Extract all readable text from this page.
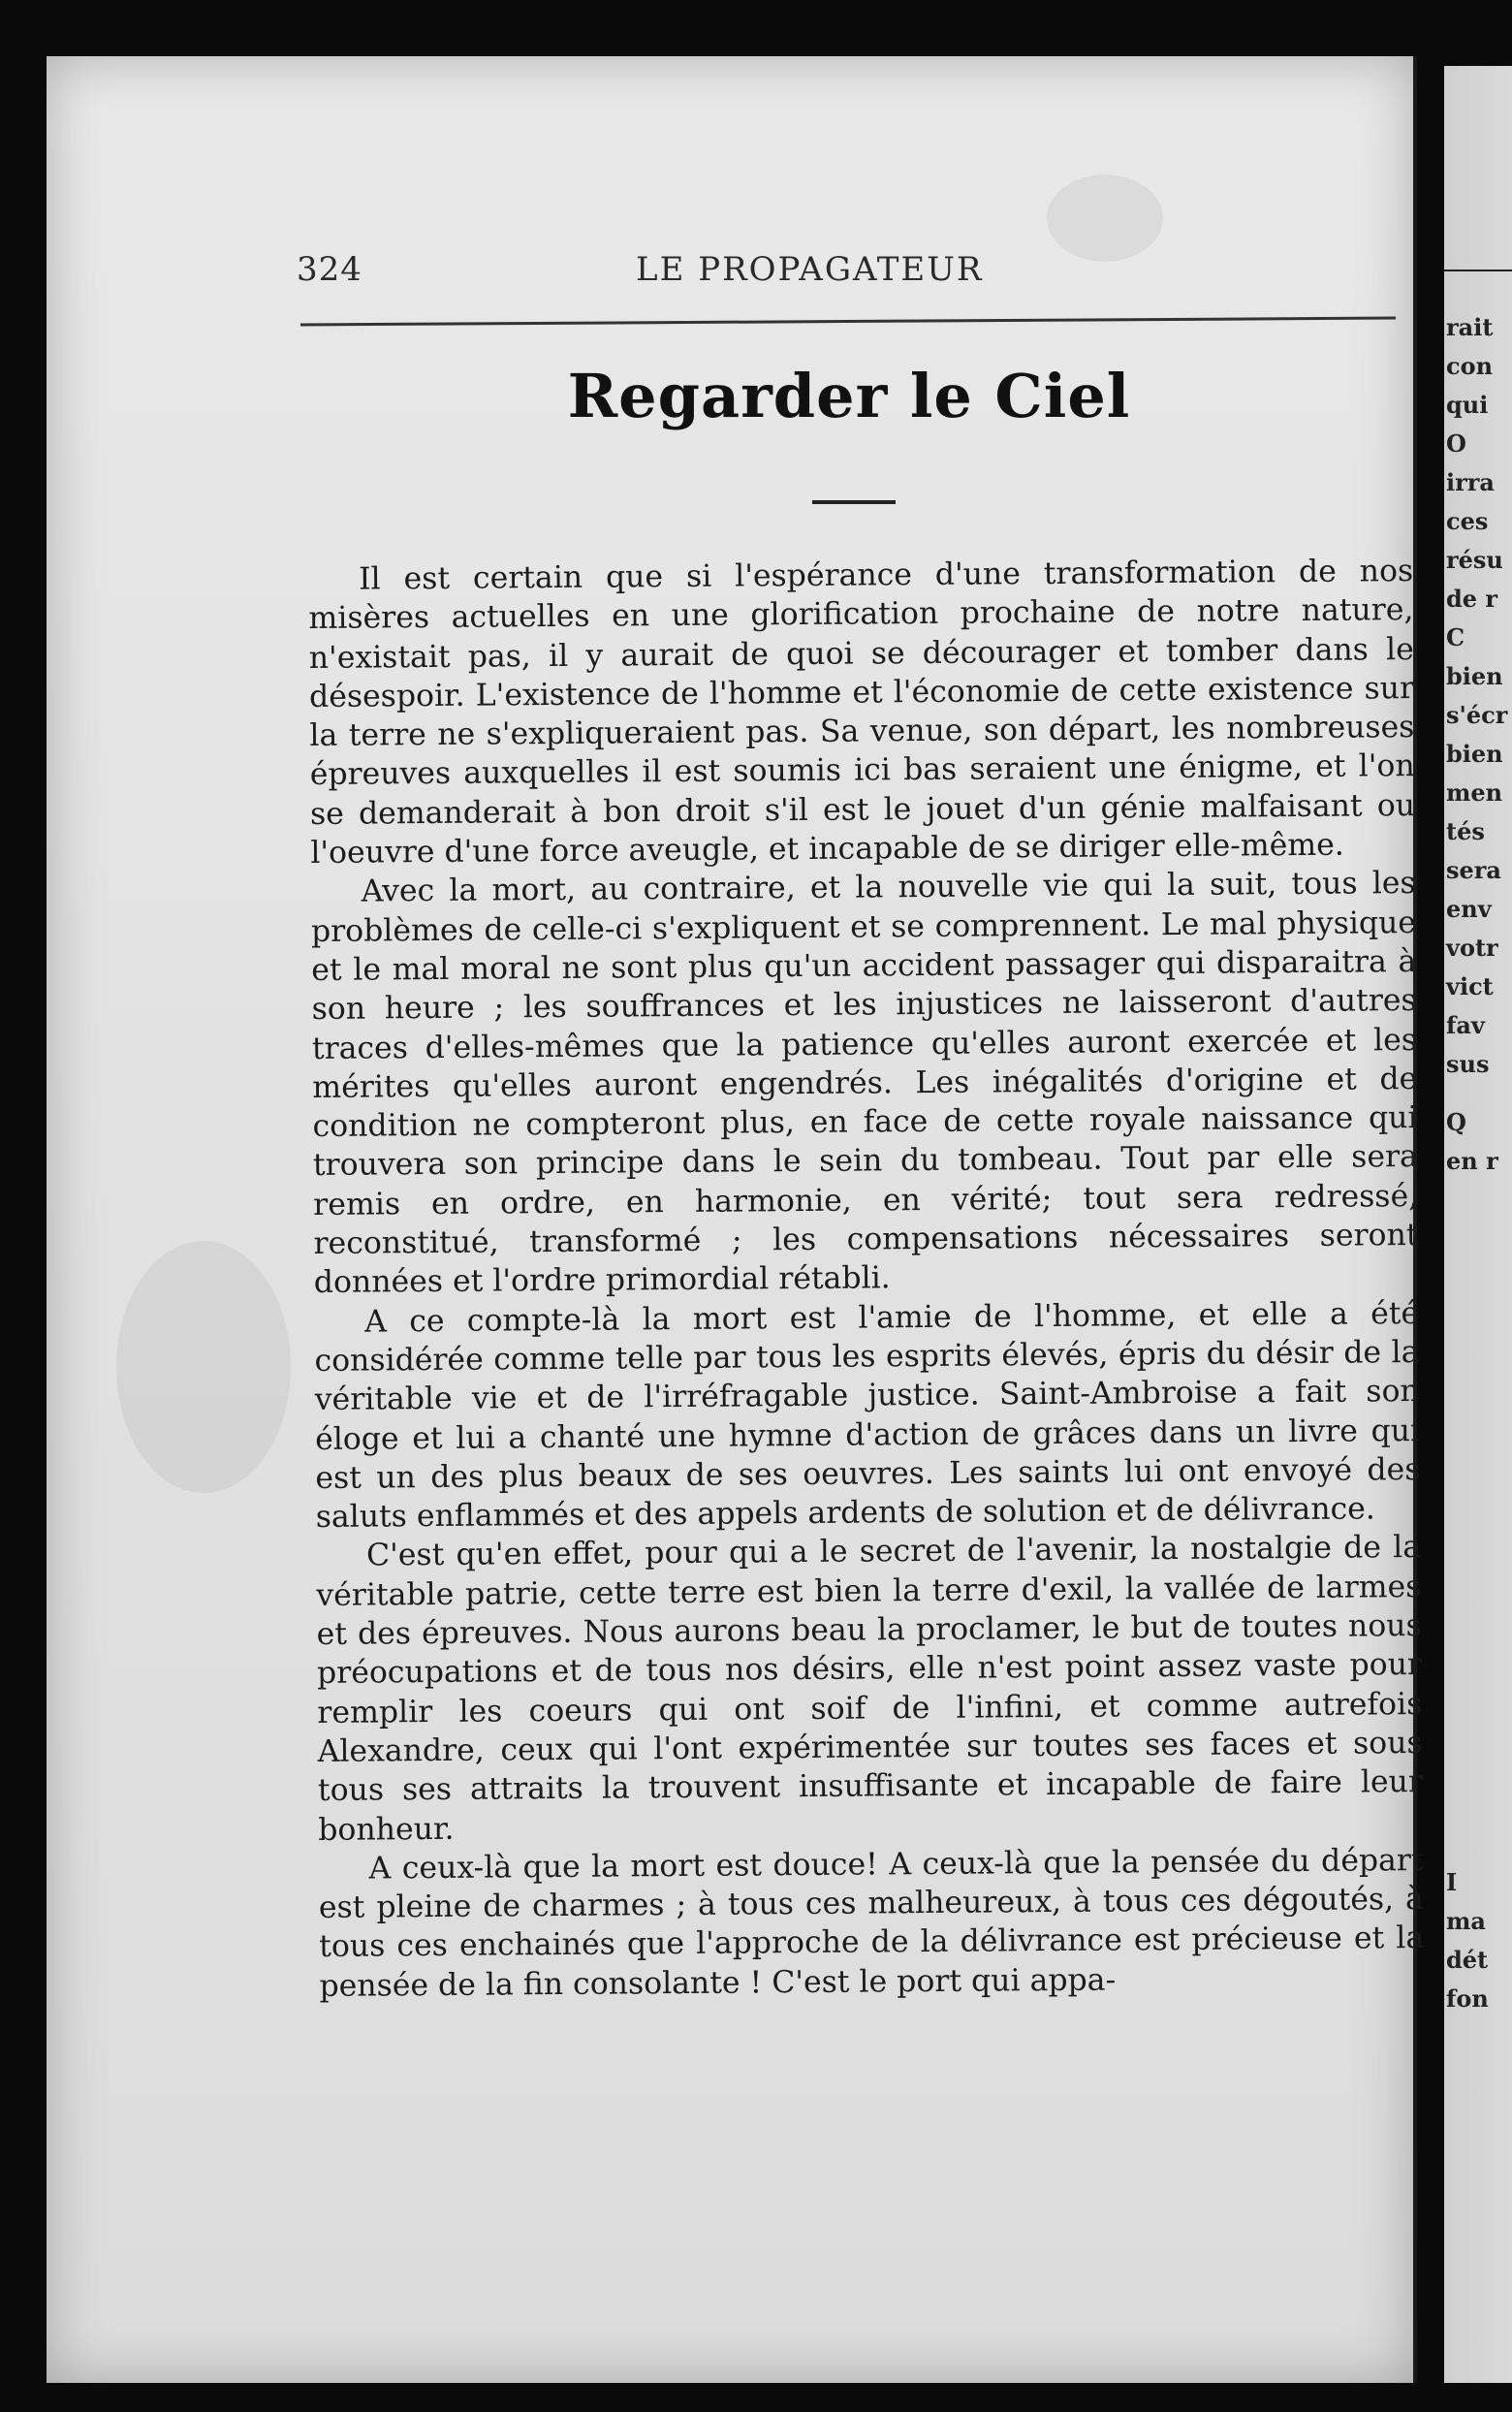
rait
con
qui
O
irra
ces
résu
de r
C
bien
s'écr
bien
men
tés
sera
env
votr
vict
fav
sus
Q
en r
I
ma
dét
fon
324	LE PROPAGATEUR
Regarder le Ciel

Il est certain que si l'espérance d'une transformation de nos misères actuelles en une glorification prochaine de notre nature, n'existait pas, il y aurait de quoi se décourager et tomber dans le désespoir. L'existence de l'homme et l'économie de cette existence sur la terre ne s'expliqueraient pas. Sa venue, son départ, les nombreuses épreuves auxquelles il est soumis ici bas seraient une énigme, et l'on se demanderait à bon droit s'il est le jouet d'un génie malfaisant ou l'oeuvre d'une force aveugle, et incapable de se diriger elle-même.

Avec la mort, au contraire, et la nouvelle vie qui la suit, tous les problèmes de celle-ci s'expliquent et se comprennent. Le mal physique et le mal moral ne sont plus qu'un accident passager qui disparaitra à son heure ; les souffrances et les injustices ne laisseront d'autres traces d'elles-mêmes que la patience qu'elles auront exercée et les mérites qu'elles auront engendrés. Les inégalités d'origine et de condition ne compteront plus, en face de cette royale naissance qui trouvera son principe dans le sein du tombeau. Tout par elle sera remis en ordre, en harmonie, en vérité; tout sera redressé, reconstitué, transformé ; les compensations nécessaires seront données et l'ordre primordial rétabli.

A ce compte-là la mort est l'amie de l'homme, et elle a été considérée comme telle par tous les esprits élevés, épris du désir de la véritable vie et de l'irréfragable justice. Saint-Ambroise a fait son éloge et lui a chanté une hymne d'action de grâces dans un livre qui est un des plus beaux de ses oeuvres. Les saints lui ont envoyé des saluts enflammés et des appels ardents de solution et de délivrance.

C'est qu'en effet, pour qui a le secret de l'avenir, la nostalgie de la véritable patrie, cette terre est bien la terre d'exil, la vallée de larmes et des épreuves. Nous aurons beau la proclamer, le but de toutes nous préocupations et de tous nos désirs, elle n'est point assez vaste pour remplir les coeurs qui ont soif de l'infini, et comme autrefois Alexandre, ceux qui l'ont expérimentée sur toutes ses faces et sous tous ses attraits la trouvent insuffisante et incapable de faire leur bonheur.

A ceux-là que la mort est douce! A ceux-là que la pensée du départ est pleine de charmes ; à tous ces malheureux, à tous ces dégoutés, à tous ces enchainés que l'approche de la délivrance est précieuse et la pensée de la fin consolante ! C'est le port qui appa-
